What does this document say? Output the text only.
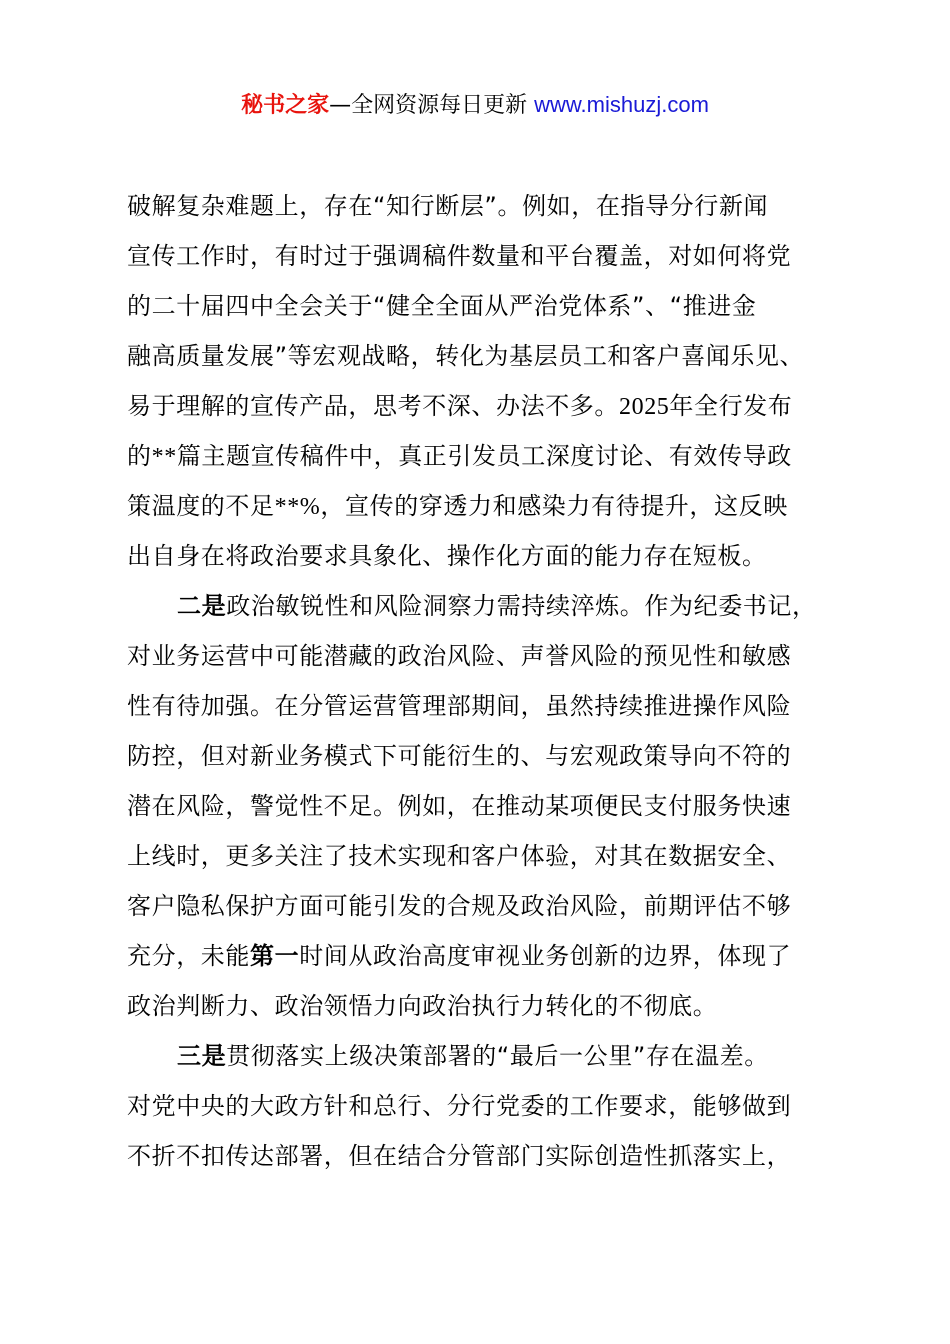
秘书之家—全网资源每日更新 www.mishuzj.com
破解复杂难题上，存在“知行断层”。例如，在指导分行新闻
宣传工作时，有时过于强调稿件数量和平台覆盖，对如何将党
的二十届四中全会关于“健全全面从严治党体系”、“推进金
融高质量发展”等宏观战略，转化为基层员工和客户喜闻乐见、
易于理解的宣传产品，思考不深、办法不多。2025年全行发布
的**篇主题宣传稿件中，真正引发员工深度讨论、有效传导政
策温度的不足**%，宣传的穿透力和感染力有待提升，这反映
出自身在将政治要求具象化、操作化方面的能力存在短板。
二是政治敏锐性和风险洞察力需持续淬炼。作为纪委书记，
对业务运营中可能潜藏的政治风险、声誉风险的预见性和敏感
性有待加强。在分管运营管理部期间，虽然持续推进操作风险
防控，但对新业务模式下可能衍生的、与宏观政策导向不符的
潜在风险，警觉性不足。例如，在推动某项便民支付服务快速
上线时，更多关注了技术实现和客户体验，对其在数据安全、
客户隐私保护方面可能引发的合规及政治风险，前期评估不够
充分，未能第一时间从政治高度审视业务创新的边界，体现了
政治判断力、政治领悟力向政治执行力转化的不彻底。
三是贯彻落实上级决策部署的“最后一公里”存在温差。
对党中央的大政方针和总行、分行党委的工作要求，能够做到
不折不扣传达部署，但在结合分管部门实际创造性抓落实上，
